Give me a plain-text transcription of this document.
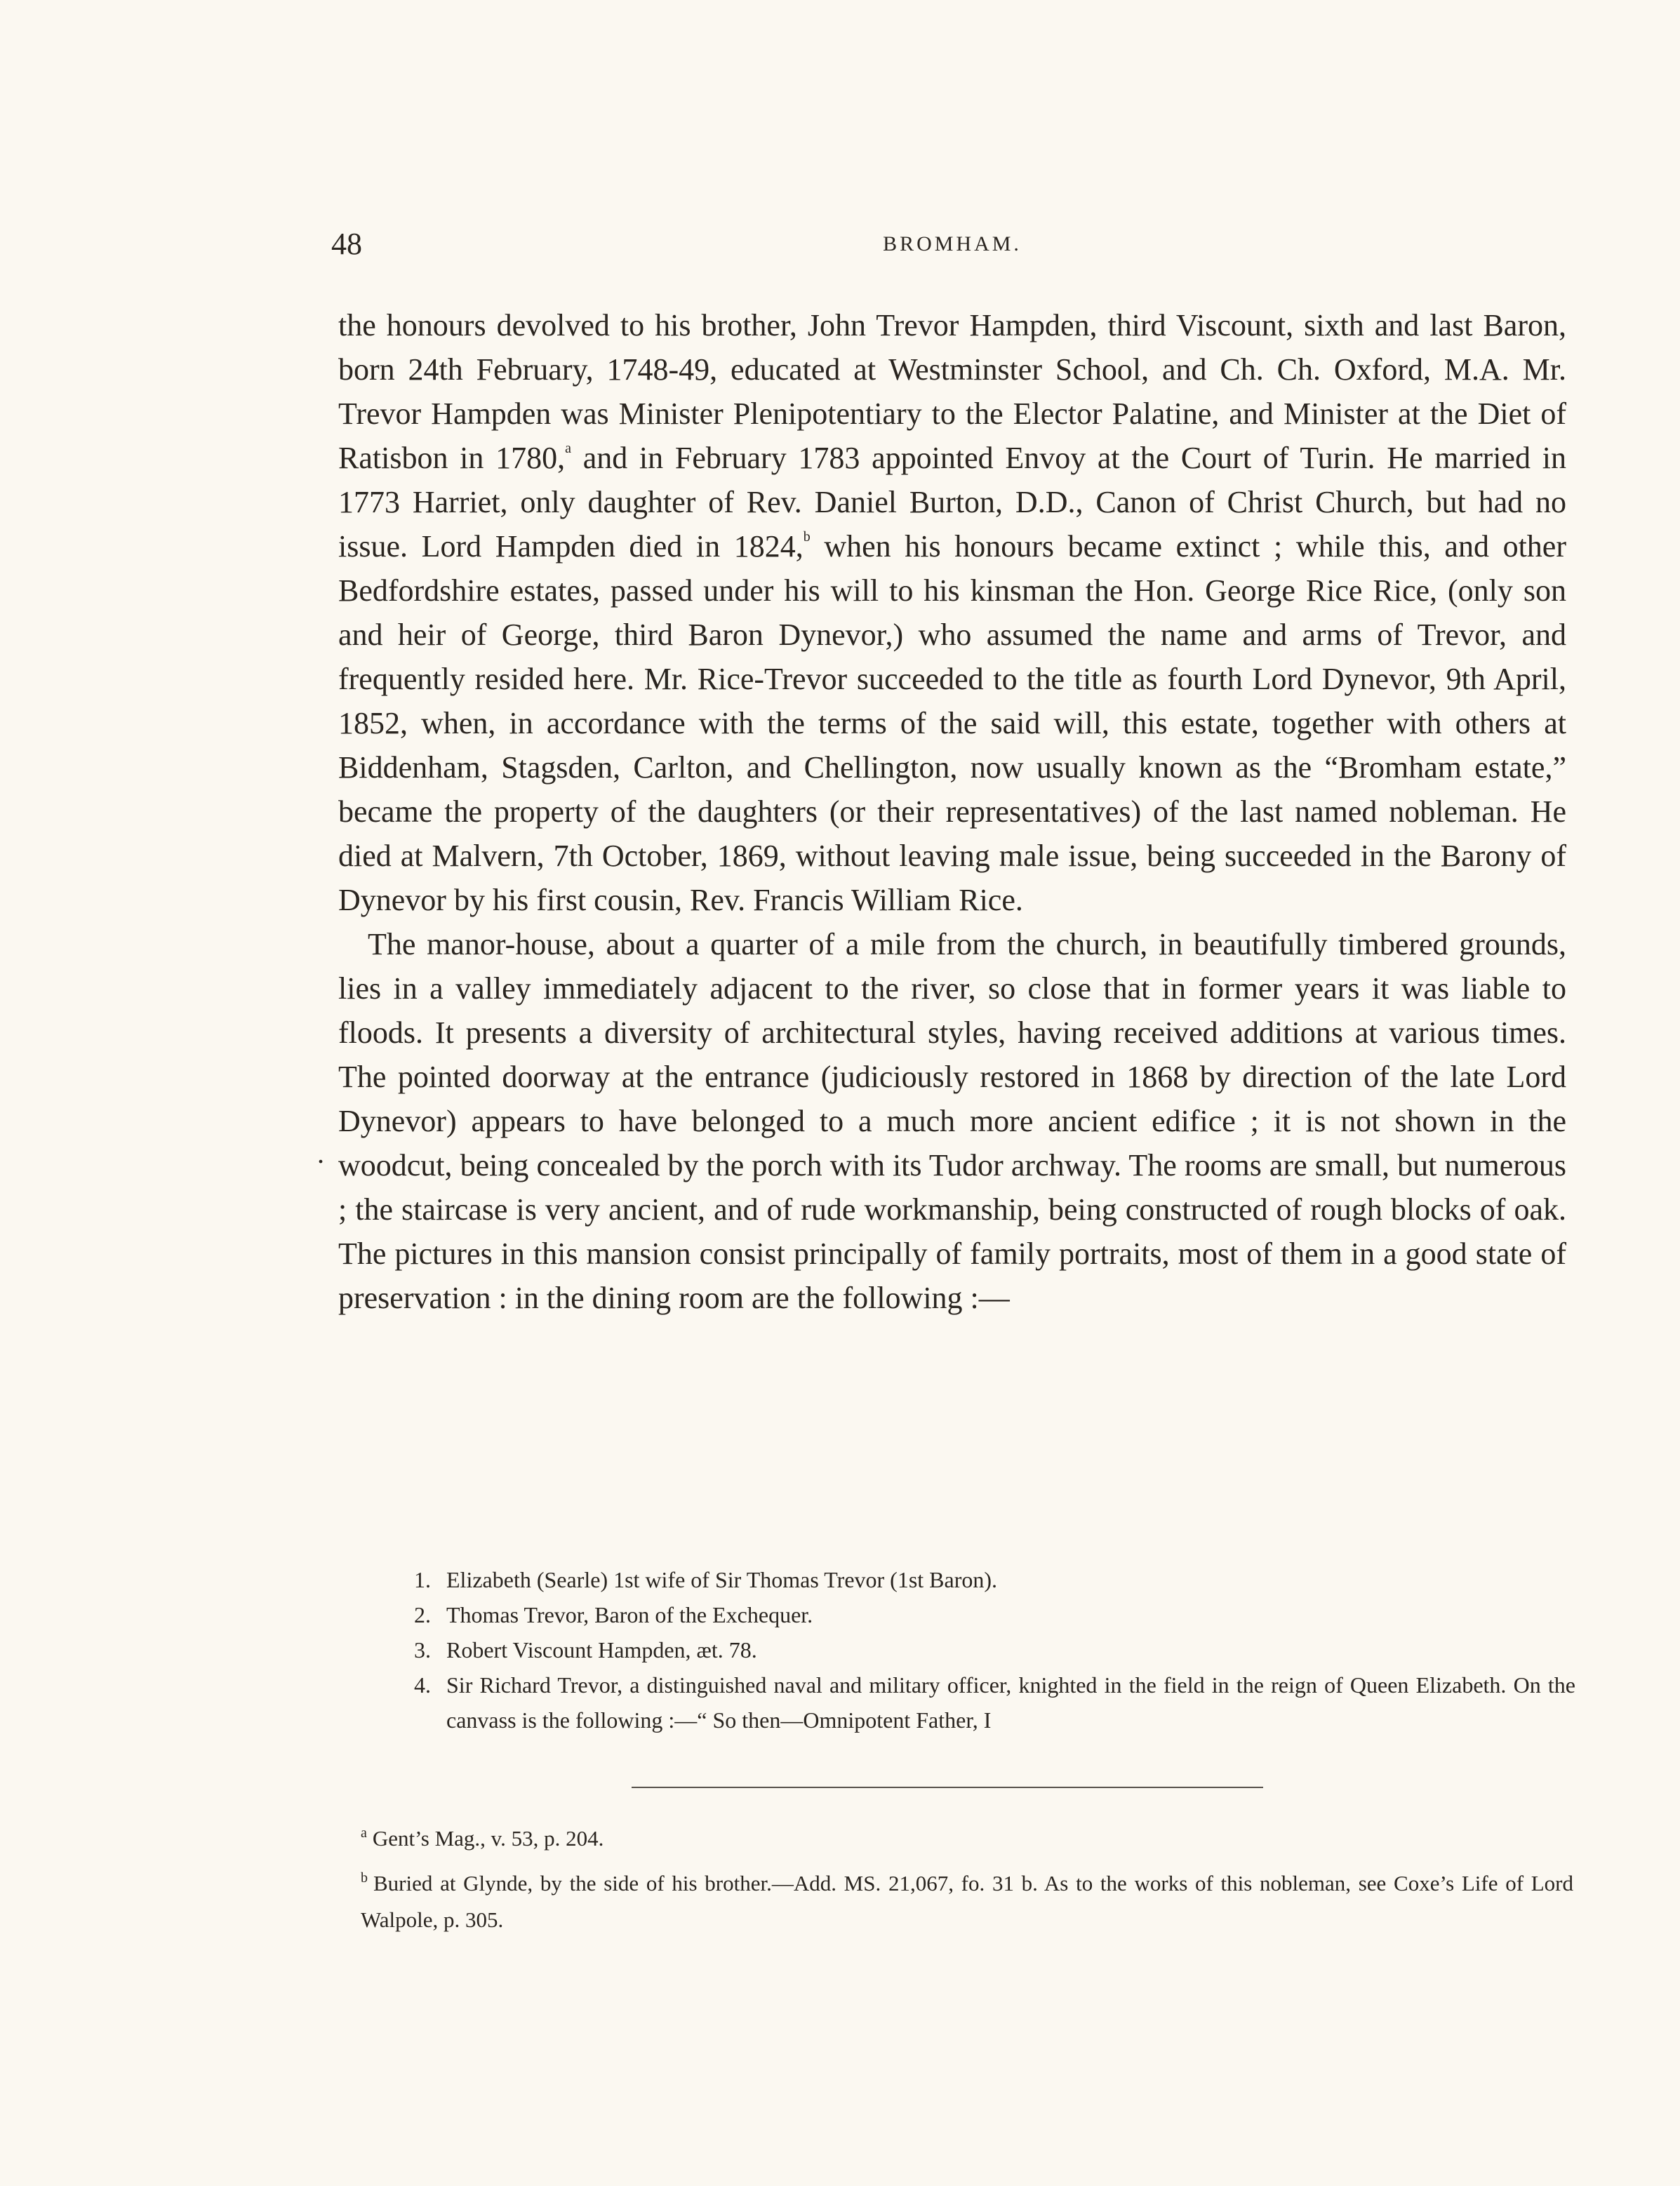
48	BROMHAM.

the honours devolved to his brother, John Trevor Hampden, third Viscount, sixth and last Baron, born 24th February, 1748-49, educated at Westminster School, and Ch. Ch. Oxford, M.A. Mr. Trevor Hampden was Minister Plenipotentiary to the Elector Palatine, and Minister at the Diet of Ratisbon in 1780,$^a$ and in February 1783 appointed Envoy at the Court of Turin. He married in 1773 Harriet, only daughter of Rev. Daniel Burton, D.D., Canon of Christ Church, but had no issue. Lord Hampden died in 1824,$^b$ when his honours became extinct ; while this, and other Bedfordshire estates, passed under his will to his kinsman the Hon. George Rice Rice, (only son and heir of George, third Baron Dynevor,) who assumed the name and arms of Trevor, and frequently resided here. Mr. Rice-Trevor succeeded to the title as fourth Lord Dynevor, 9th April, 1852, when, in accordance with the terms of the said will, this estate, together with others at Biddenham, Stagsden, Carlton, and Chellington, now usually known as the “Bromham estate,” became the property of the daughters (or their representatives) of the last named nobleman. He died at Malvern, 7th October, 1869, without leaving male issue, being succeeded in the Barony of Dynevor by his first cousin, Rev. Francis William Rice.

The manor-house, about a quarter of a mile from the church, in beautifully timbered grounds, lies in a valley immediately adjacent to the river, so close that in former years it was liable to floods. It presents a diversity of architectural styles, having received additions at various times. The pointed doorway at the entrance (judiciously restored in 1868 by direction of the late Lord Dynevor) appears to have belonged to a much more ancient edifice ; it is not shown in the woodcut, being concealed by the porch with its Tudor archway. The rooms are small, but numerous ; the staircase is very ancient, and of rude workmanship, being constructed of rough blocks of oak. The pictures in this mansion consist principally of family portraits, most of them in a good state of preservation : in the dining room are the following :—

.
1. Elizabeth (Searle) 1st wife of Sir Thomas Trevor (1st Baron).
2. Thomas Trevor, Baron of the Exchequer.
3. Robert Viscount Hampden, æt. 78.
4. Sir Richard Trevor, a distinguished naval and military officer, knighted in the field in the reign of Queen Elizabeth. On the canvass is the following :—“ So then—Omnipotent Father, I

$^a$ Gent’s Mag., v. 53, p. 204.

$^b$ Buried at Glynde, by the side of his brother.—Add. MS. 21,067, fo. 31 b. As to the works of this nobleman, see Coxe’s Life of Lord Walpole, p. 305.
